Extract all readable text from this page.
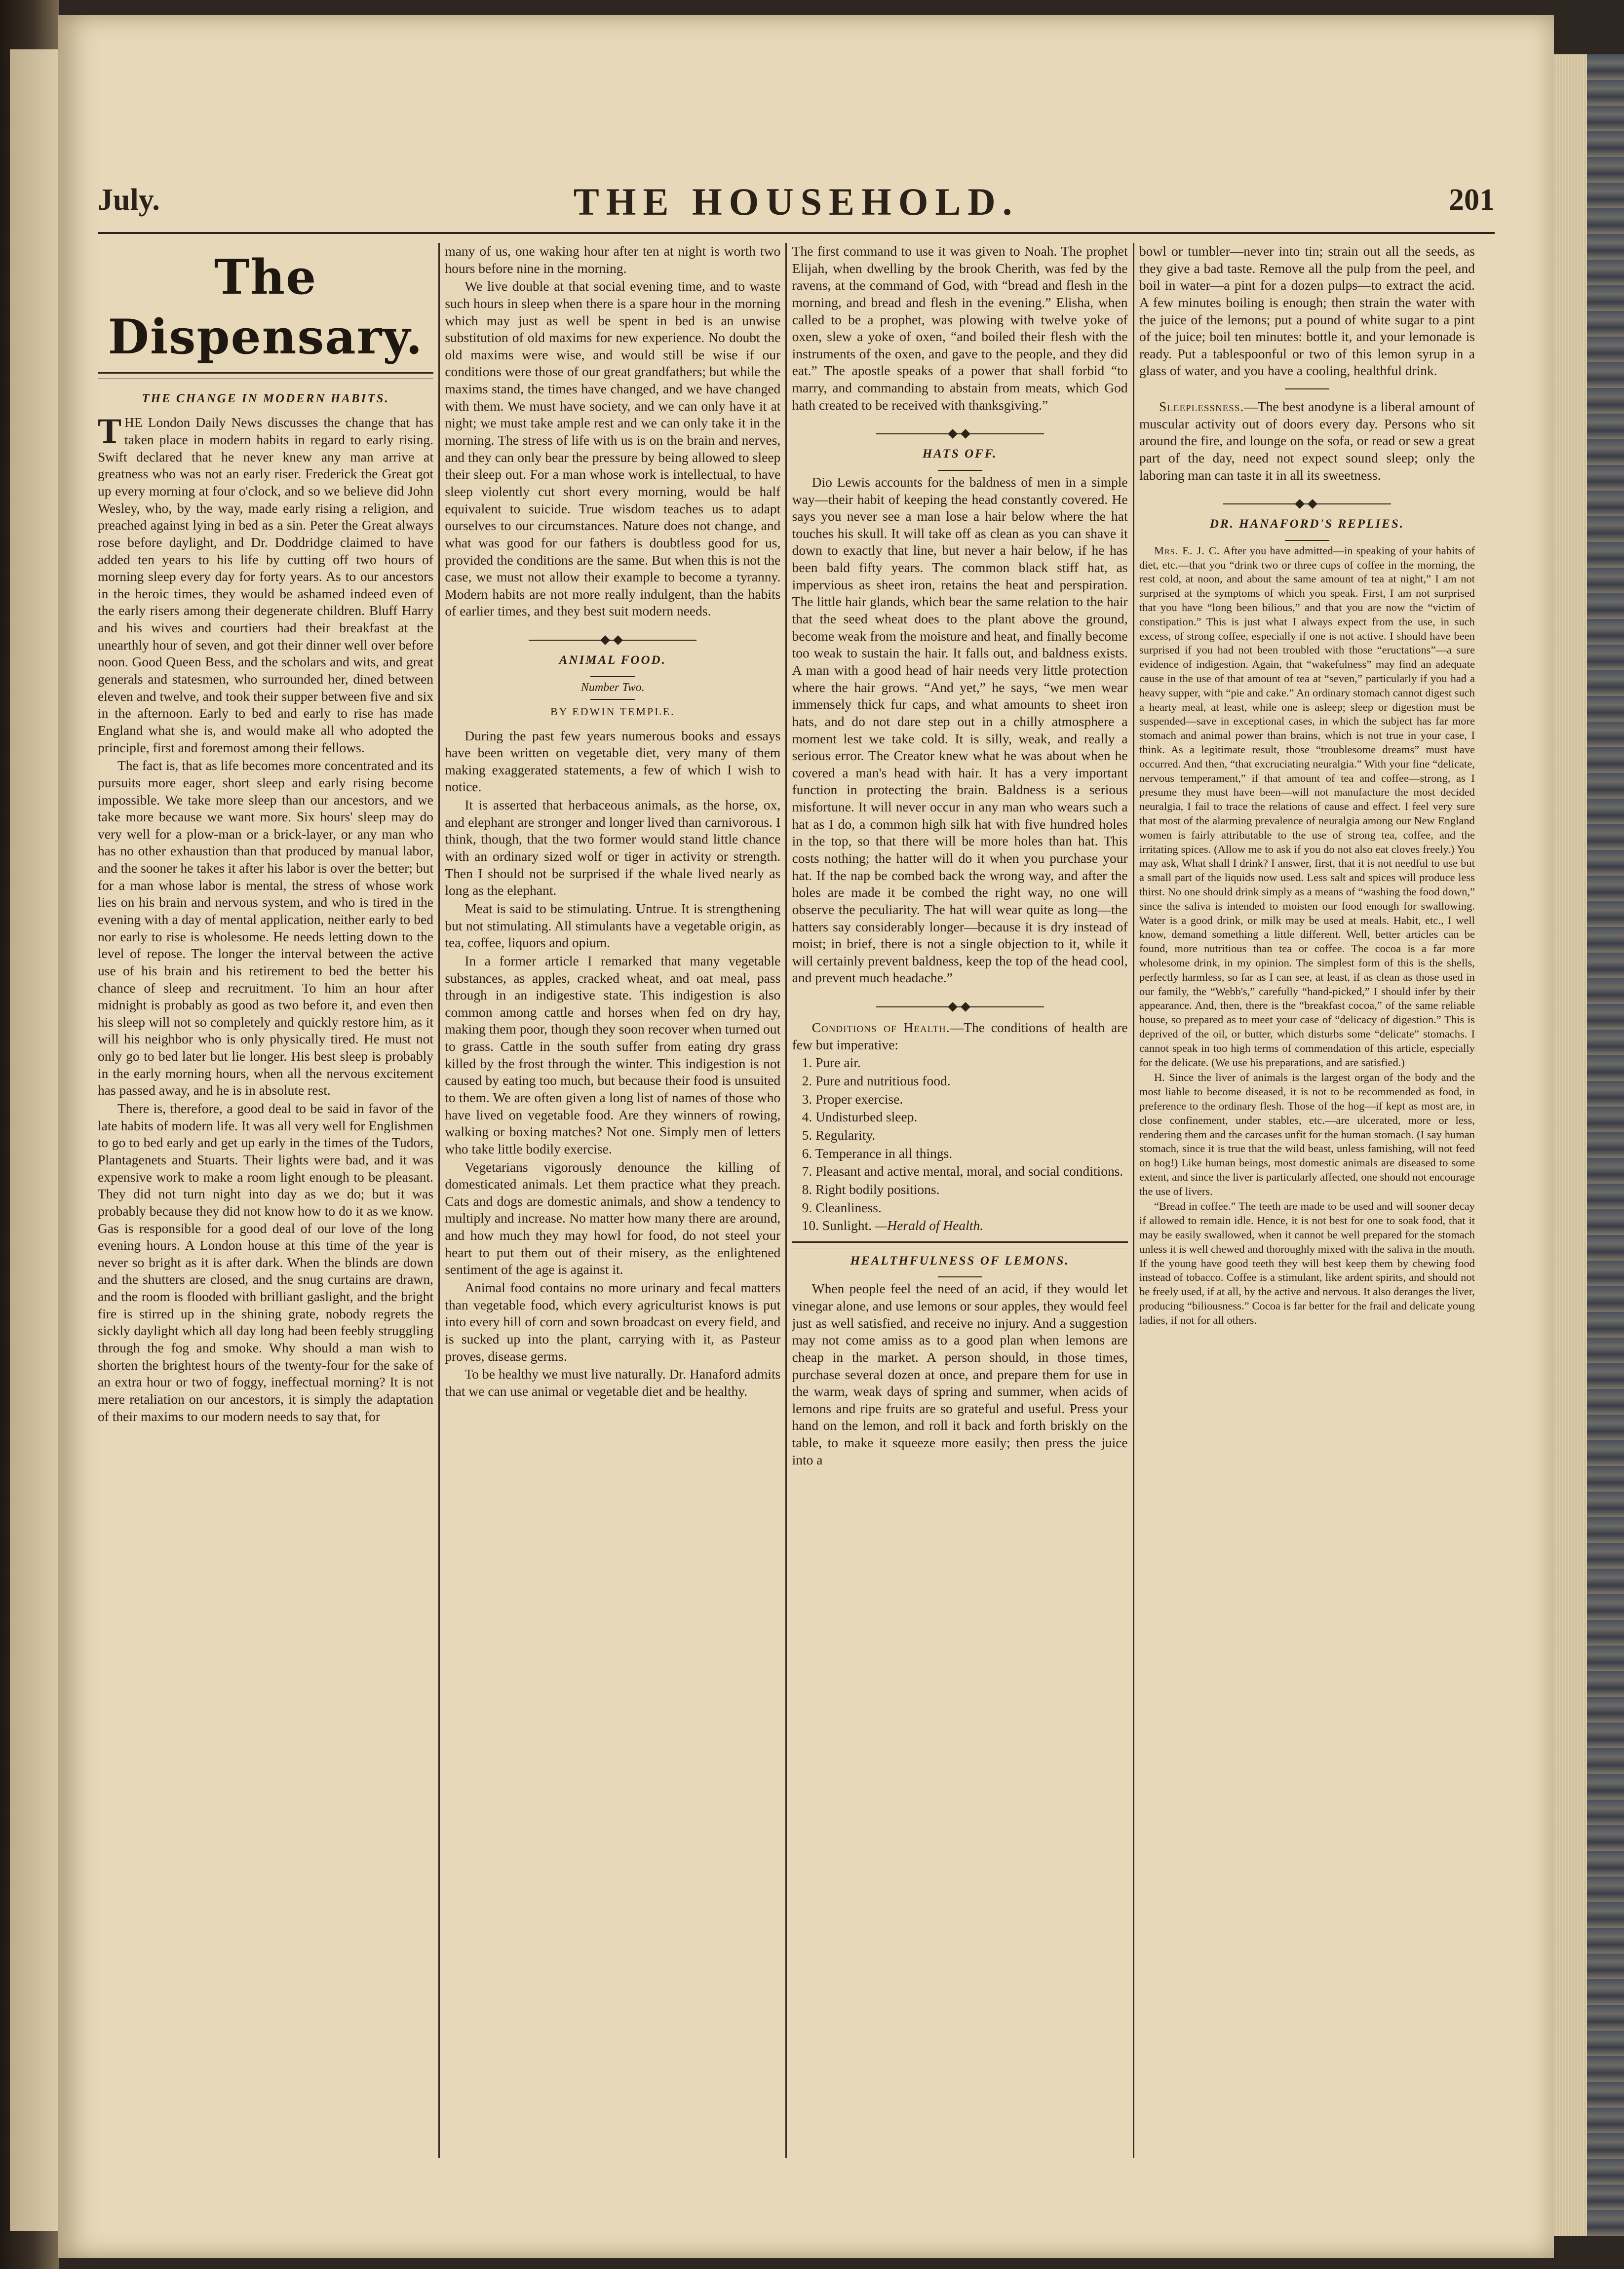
July.	THE HOUSEHOLD.	201
The Dispensary.
THE CHANGE IN MODERN HABITS.

THE London Daily News discusses the change that has taken place in modern habits in regard to early rising. Swift declared that he never knew any man arrive at greatness who was not an early riser. Frederick the Great got up every morning at four o'clock, and so we believe did John Wesley, who, by the way, made early rising a religion, and preached against lying in bed as a sin. Peter the Great always rose before daylight, and Dr. Doddridge claimed to have added ten years to his life by cutting off two hours of morning sleep every day for forty years. As to our ancestors in the heroic times, they would be ashamed indeed even of the early risers among their degenerate children. Bluff Harry and his wives and courtiers had their breakfast at the unearthly hour of seven, and got their dinner well over before noon. Good Queen Bess, and the scholars and wits, and great generals and statesmen, who surrounded her, dined between eleven and twelve, and took their supper between five and six in the afternoon. Early to bed and early to rise has made England what she is, and would make all who adopted the principle, first and foremost among their fellows.

The fact is, that as life becomes more concentrated and its pursuits more eager, short sleep and early rising become impossible. We take more sleep than our ancestors, and we take more because we want more. Six hours' sleep may do very well for a plow-man or a brick-layer, or any man who has no other exhaustion than that produced by manual labor, and the sooner he takes it after his labor is over the better; but for a man whose labor is mental, the stress of whose work lies on his brain and nervous system, and who is tired in the evening with a day of mental application, neither early to bed nor early to rise is wholesome. He needs letting down to the level of repose. The longer the interval between the active use of his brain and his retirement to bed the better his chance of sleep and recruitment. To him an hour after midnight is probably as good as two before it, and even then his sleep will not so completely and quickly restore him, as it will his neighbor who is only physically tired. He must not only go to bed later but lie longer. His best sleep is probably in the early morning hours, when all the nervous excitement has passed away, and he is in absolute rest.

There is, therefore, a good deal to be said in favor of the late habits of modern life. It was all very well for Englishmen to go to bed early and get up early in the times of the Tudors, Plantagenets and Stuarts. Their lights were bad, and it was expensive work to make a room light enough to be pleasant. They did not turn night into day as we do; but it was probably because they did not know how to do it as we know. Gas is responsible for a good deal of our love of the long evening hours. A London house at this time of the year is never so bright as it is after dark. When the blinds are down and the shutters are closed, and the snug curtains are drawn, and the room is flooded with brilliant gaslight, and the bright fire is stirred up in the shining grate, nobody regrets the sickly daylight which all day long had been feebly struggling through the fog and smoke. Why should a man wish to shorten the brightest hours of the twenty-four for the sake of an extra hour or two of foggy, ineffectual morning? It is not mere retaliation on our ancestors, it is simply the adaptation of their maxims to our modern needs to say that, for

many of us, one waking hour after ten at night is worth two hours before nine in the morning.

We live double at that social evening time, and to waste such hours in sleep when there is a spare hour in the morning which may just as well be spent in bed is an unwise substitution of old maxims for new experience. No doubt the old maxims were wise, and would still be wise if our conditions were those of our great grandfathers; but while the maxims stand, the times have changed, and we have changed with them. We must have society, and we can only have it at night; we must take ample rest and we can only take it in the morning. The stress of life with us is on the brain and nerves, and they can only bear the pressure by being allowed to sleep their sleep out. For a man whose work is intellectual, to have sleep violently cut short every morning, would be half equivalent to suicide. True wisdom teaches us to adapt ourselves to our circumstances. Nature does not change, and what was good for our fathers is doubtless good for us, provided the conditions are the same. But when this is not the case, we must not allow their example to become a tyranny. Modern habits are not more really indulgent, than the habits of earlier times, and they best suit modern needs.

ANIMAL FOOD.
Number Two.
BY EDWIN TEMPLE.

During the past few years numerous books and essays have been written on vegetable diet, very many of them making exaggerated statements, a few of which I wish to notice.

It is asserted that herbaceous animals, as the horse, ox, and elephant are stronger and longer lived than carnivorous. I think, though, that the two former would stand little chance with an ordinary sized wolf or tiger in activity or strength. Then I should not be surprised if the whale lived nearly as long as the elephant.

Meat is said to be stimulating. Untrue. It is strengthening but not stimulating. All stimulants have a vegetable origin, as tea, coffee, liquors and opium.

In a former article I remarked that many vegetable substances, as apples, cracked wheat, and oat meal, pass through in an indigestive state. This indigestion is also common among cattle and horses when fed on dry hay, making them poor, though they soon recover when turned out to grass. Cattle in the south suffer from eating dry grass killed by the frost through the winter. This indigestion is not caused by eating too much, but because their food is unsuited to them. We are often given a long list of names of those who have lived on vegetable food. Are they winners of rowing, walking or boxing matches? Not one. Simply men of letters who take little bodily exercise.

Vegetarians vigorously denounce the killing of domesticated animals. Let them practice what they preach. Cats and dogs are domestic animals, and show a tendency to multiply and increase. No matter how many there are around, and how much they may howl for food, do not steel your heart to put them out of their misery, as the enlightened sentiment of the age is against it.

Animal food contains no more urinary and fecal matters than vegetable food, which every agriculturist knows is put into every hill of corn and sown broadcast on every field, and is sucked up into the plant, carrying with it, as Pasteur proves, disease germs.

To be healthy we must live naturally. Dr. Hanaford admits that we can use animal or vegetable diet and be healthy.

The first command to use it was given to Noah. The prophet Elijah, when dwelling by the brook Cherith, was fed by the ravens, at the command of God, with “bread and flesh in the morning, and bread and flesh in the evening.” Elisha, when called to be a prophet, was plowing with twelve yoke of oxen, slew a yoke of oxen, “and boiled their flesh with the instruments of the oxen, and gave to the people, and they did eat.” The apostle speaks of a power that shall forbid “to marry, and commanding to abstain from meats, which God hath created to be received with thanksgiving.”

HATS OFF.

Dio Lewis accounts for the baldness of men in a simple way—their habit of keeping the head constantly covered. He says you never see a man lose a hair below where the hat touches his skull. It will take off as clean as you can shave it down to exactly that line, but never a hair below, if he has been bald fifty years. The common black stiff hat, as impervious as sheet iron, retains the heat and perspiration. The little hair glands, which bear the same relation to the hair that the seed wheat does to the plant above the ground, become weak from the moisture and heat, and finally become too weak to sustain the hair. It falls out, and baldness exists. A man with a good head of hair needs very little protection where the hair grows. “And yet,” he says, “we men wear immensely thick fur caps, and what amounts to sheet iron hats, and do not dare step out in a chilly atmosphere a moment lest we take cold. It is silly, weak, and really a serious error. The Creator knew what he was about when he covered a man's head with hair. It has a very important function in protecting the brain. Baldness is a serious misfortune. It will never occur in any man who wears such a hat as I do, a common high silk hat with five hundred holes in the top, so that there will be more holes than hat. This costs nothing; the hatter will do it when you purchase your hat. If the nap be combed back the wrong way, and after the holes are made it be combed the right way, no one will observe the peculiarity. The hat will wear quite as long—the hatters say considerably longer—because it is dry instead of moist; in brief, there is not a single objection to it, while it will certainly prevent baldness, keep the top of the head cool, and prevent much headache.”

Conditions of Health.—The conditions of health are few but imperative:

1. Pure air.

2. Pure and nutritious food.

3. Proper exercise.

4. Undisturbed sleep.

5. Regularity.

6. Temperance in all things.

7. Pleasant and active mental, moral, and social conditions.

8. Right bodily positions.

9. Cleanliness.

10. Sunlight. —Herald of Health.

HEALTHFULNESS OF LEMONS.

When people feel the need of an acid, if they would let vinegar alone, and use lemons or sour apples, they would feel just as well satisfied, and receive no injury. And a suggestion may not come amiss as to a good plan when lemons are cheap in the market. A person should, in those times, purchase several dozen at once, and prepare them for use in the warm, weak days of spring and summer, when acids of lemons and ripe fruits are so grateful and useful. Press your hand on the lemon, and roll it back and forth briskly on the table, to make it squeeze more easily; then press the juice into a

bowl or tumbler—never into tin; strain out all the seeds, as they give a bad taste. Remove all the pulp from the peel, and boil in water—a pint for a dozen pulps—to extract the acid. A few minutes boiling is enough; then strain the water with the juice of the lemons; put a pound of white sugar to a pint of the juice; boil ten minutes: bottle it, and your lemonade is ready. Put a tablespoonful or two of this lemon syrup in a glass of water, and you have a cooling, healthful drink.

Sleeplessness.—The best anodyne is a liberal amount of muscular activity out of doors every day. Persons who sit around the fire, and lounge on the sofa, or read or sew a great part of the day, need not expect sound sleep; only the laboring man can taste it in all its sweetness.

DR. HANAFORD'S REPLIES.

Mrs. E. J. C. After you have admitted—in speaking of your habits of diet, etc.—that you “drink two or three cups of coffee in the morning, the rest cold, at noon, and about the same amount of tea at night,” I am not surprised at the symptoms of which you speak. First, I am not surprised that you have “long been bilious,” and that you are now the “victim of constipation.” This is just what I always expect from the use, in such excess, of strong coffee, especially if one is not active. I should have been surprised if you had not been troubled with those “eructations”—a sure evidence of indigestion. Again, that “wakefulness” may find an adequate cause in the use of that amount of tea at “seven,” particularly if you had a heavy supper, with “pie and cake.” An ordinary stomach cannot digest such a hearty meal, at least, while one is asleep; sleep or digestion must be suspended—save in exceptional cases, in which the subject has far more stomach and animal power than brains, which is not true in your case, I think. As a legitimate result, those “troublesome dreams” must have occurred. And then, “that excruciating neuralgia.” With your fine “delicate, nervous temperament,” if that amount of tea and coffee—strong, as I presume they must have been—will not manufacture the most decided neuralgia, I fail to trace the relations of cause and effect. I feel very sure that most of the alarming prevalence of neuralgia among our New England women is fairly attributable to the use of strong tea, coffee, and the irritating spices. (Allow me to ask if you do not also eat cloves freely.) You may ask, What shall I drink? I answer, first, that it is not needful to use but a small part of the liquids now used. Less salt and spices will produce less thirst. No one should drink simply as a means of “washing the food down,” since the saliva is intended to moisten our food enough for swallowing. Water is a good drink, or milk may be used at meals. Habit, etc., I well know, demand something a little different. Well, better articles can be found, more nutritious than tea or coffee. The cocoa is a far more wholesome drink, in my opinion. The simplest form of this is the shells, perfectly harmless, so far as I can see, at least, if as clean as those used in our family, the “Webb's,” carefully “hand-picked,” I should infer by their appearance. And, then, there is the “breakfast cocoa,” of the same reliable house, so prepared as to meet your case of “delicacy of digestion.” This is deprived of the oil, or butter, which disturbs some “delicate” stomachs. I cannot speak in too high terms of commendation of this article, especially for the delicate. (We use his preparations, and are satisfied.)

H. Since the liver of animals is the largest organ of the body and the most liable to become diseased, it is not to be recommended as food, in preference to the ordinary flesh. Those of the hog—if kept as most are, in close confinement, under stables, etc.—are ulcerated, more or less, rendering them and the carcases unfit for the human stomach. (I say human stomach, since it is true that the wild beast, unless famishing, will not feed on hog!) Like human beings, most domestic animals are diseased to some extent, and since the liver is particularly affected, one should not encourage the use of livers.

“Bread in coffee.” The teeth are made to be used and will sooner decay if allowed to remain idle. Hence, it is not best for one to soak food, that it may be easily swallowed, when it cannot be well prepared for the stomach unless it is well chewed and thoroughly mixed with the saliva in the mouth. If the young have good teeth they will best keep them by chewing food instead of tobacco. Coffee is a stimulant, like ardent spirits, and should not be freely used, if at all, by the active and nervous. It also deranges the liver, producing “biliousness.” Cocoa is far better for the frail and delicate young ladies, if not for all others.
